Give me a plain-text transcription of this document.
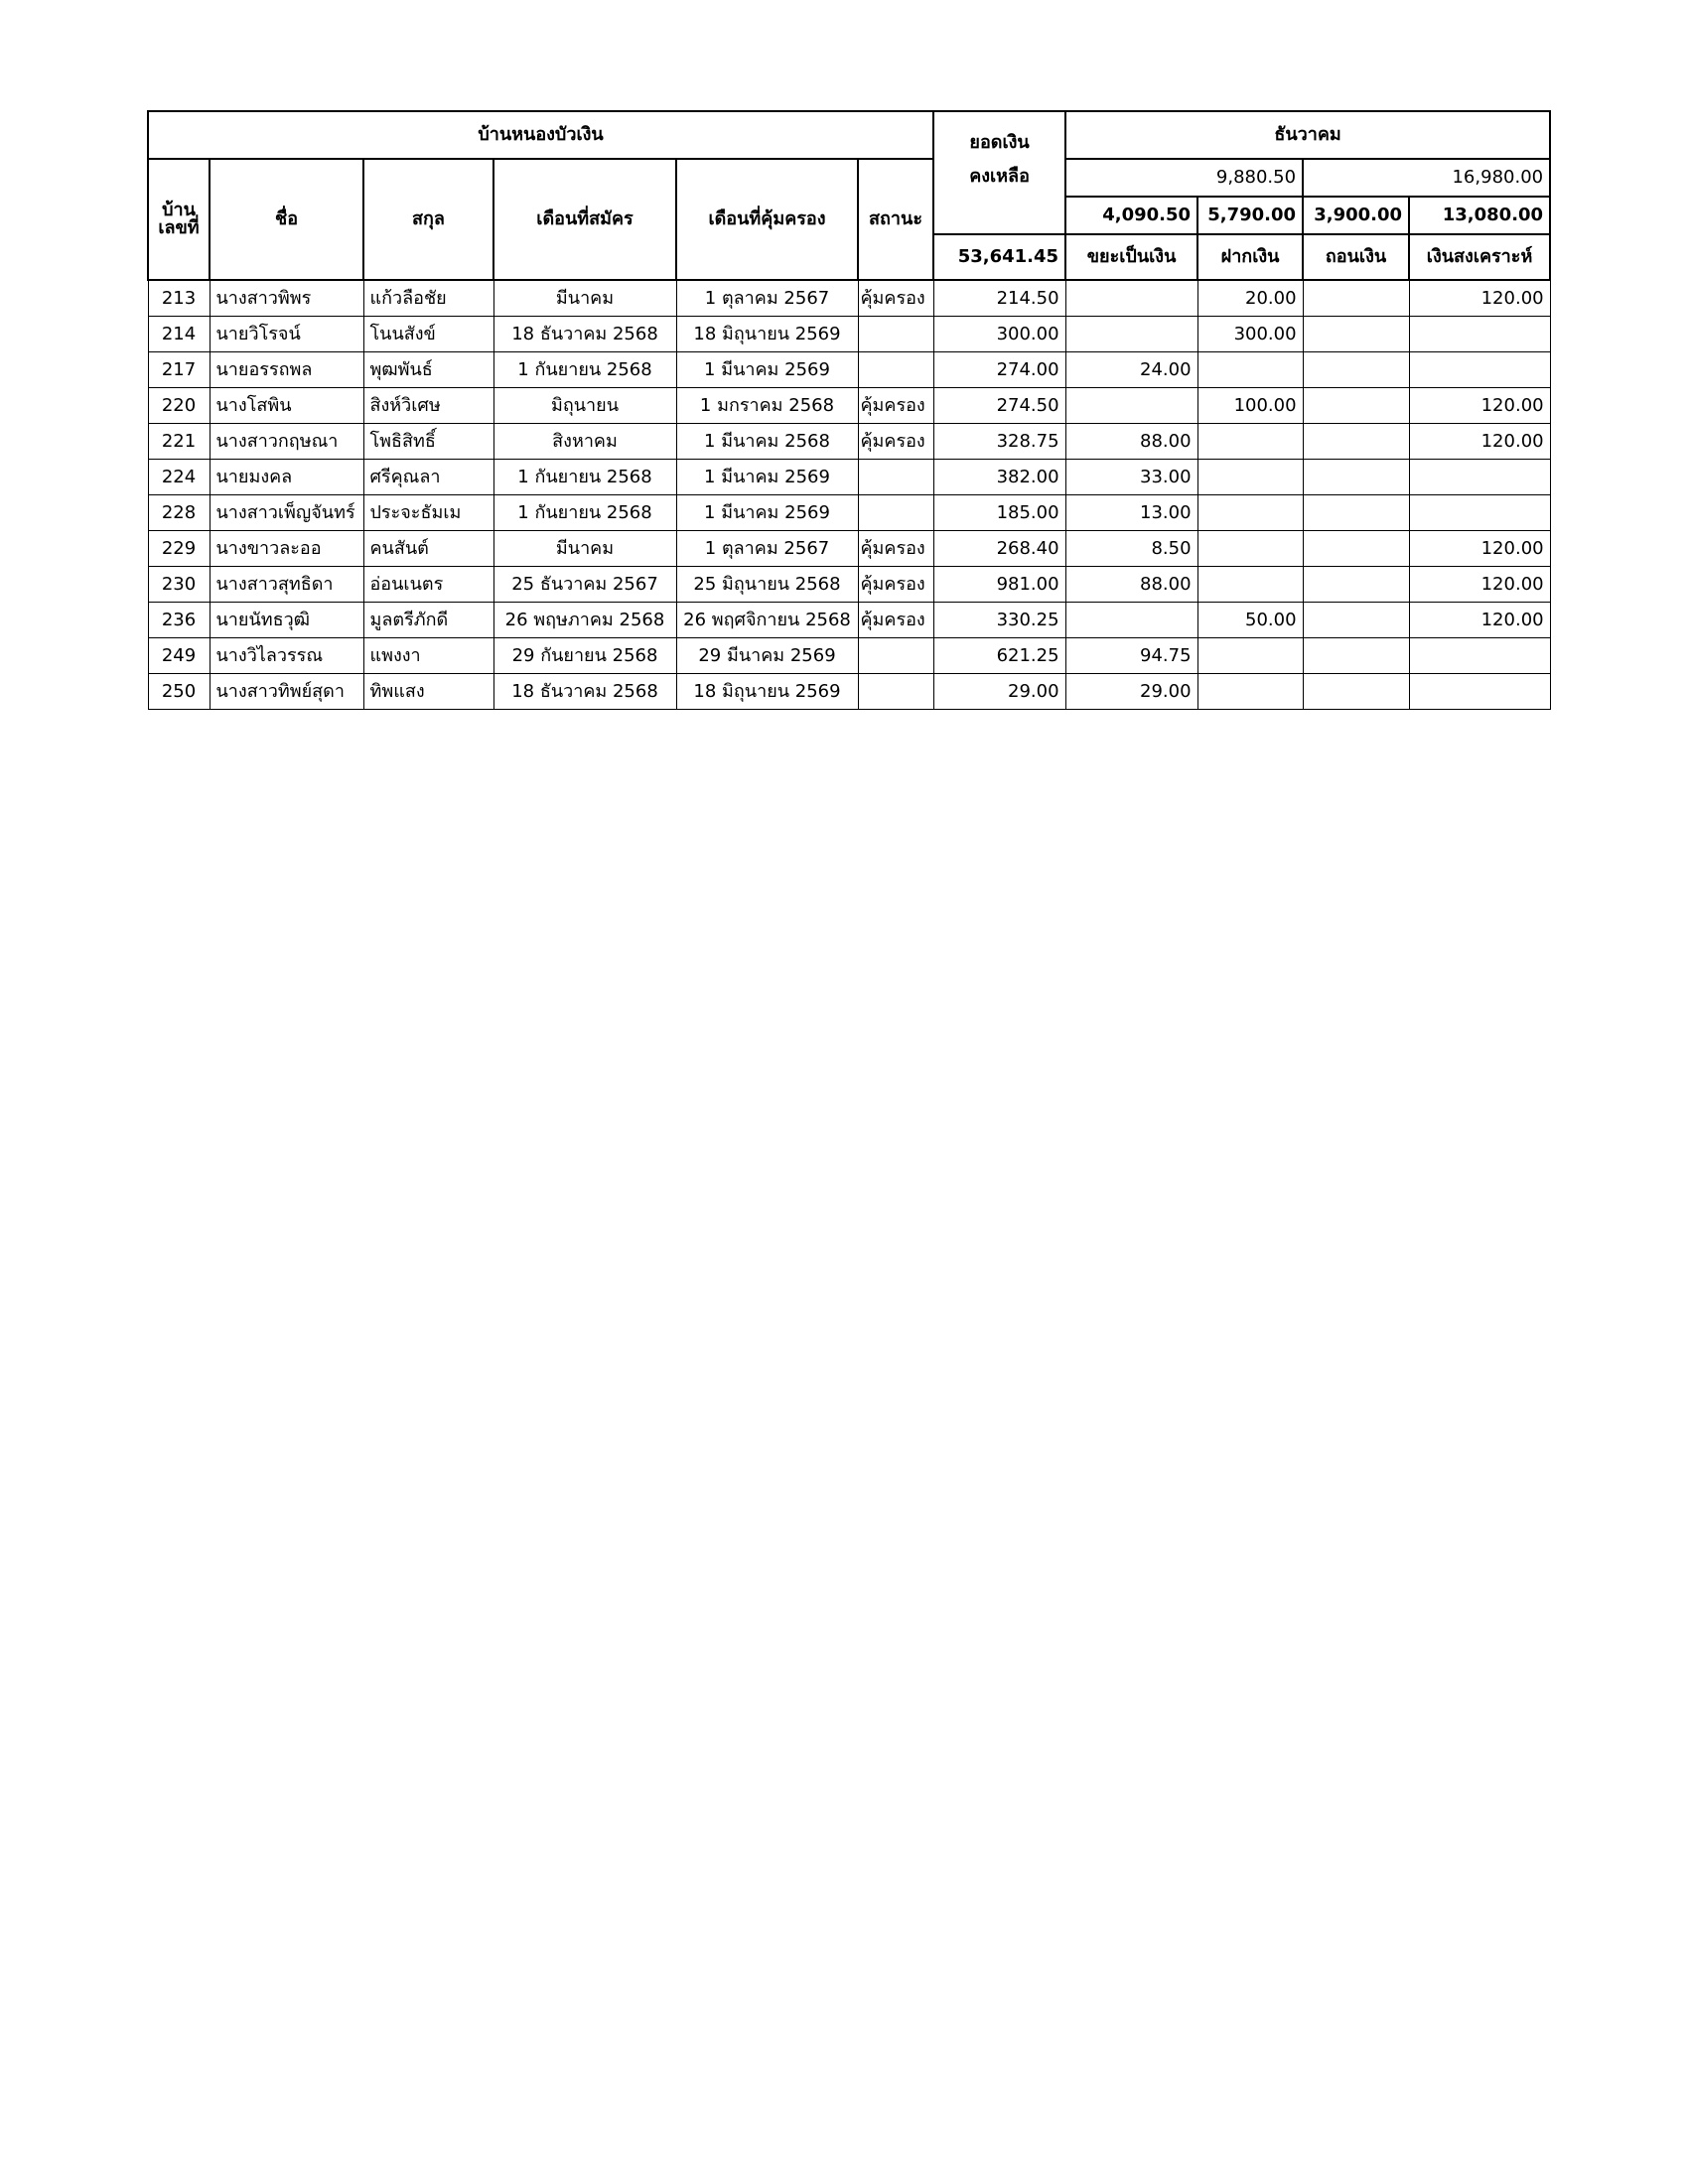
บ้านหนองบัวเงิน						ยอดเงิน
คงเหลือ	ธันวาคม			
บ้าน
เลขที่	ชื่อ	สกุล	เดือนที่สมัคร	เดือนที่คุ้มครอง	สถานะ		9,880.50		16,980.00	
							4,090.50	5,790.00	3,900.00	13,080.00
						53,641.45	ขยะเป็นเงิน	ฝากเงิน	ถอนเงิน	เงินสงเคราะห์
213	นางสาวพิพร	แก้วลือชัย	มีนาคม	1 ตุลาคม 2567	คุ้มครอง	214.50		20.00		120.00
214	นายวิโรจน์	โนนสังข์	18 ธันวาคม 2568	18 มิถุนายน 2569		300.00		300.00		
217	นายอรรถพล	พุฒพันธ์	1 กันยายน 2568	1 มีนาคม 2569		274.00	24.00			
220	นางโสพิน	สิงห์วิเศษ	มิถุนายน	1 มกราคม 2568	คุ้มครอง	274.50		100.00		120.00
221	นางสาวกฤษณา	โพธิสิทธิ์	สิงหาคม	1 มีนาคม 2568	คุ้มครอง	328.75	88.00			120.00
224	นายมงคล	ศรีคุณลา	1 กันยายน 2568	1 มีนาคม 2569		382.00	33.00			
228	นางสาวเพ็ญจันทร์	ประจะธัมเม	1 กันยายน 2568	1 มีนาคม 2569		185.00	13.00			
229	นางขาวละออ	คนสันต์	มีนาคม	1 ตุลาคม 2567	คุ้มครอง	268.40	8.50			120.00
230	นางสาวสุทธิดา	อ่อนเนตร	25 ธันวาคม 2567	25 มิถุนายน 2568	คุ้มครอง	981.00	88.00			120.00
236	นายนัทธวุฒิ	มูลตรีภักดี	26 พฤษภาคม 2568	26 พฤศจิกายน 2568	คุ้มครอง	330.25		50.00		120.00
249	นางวิไลวรรณ	แพงงา	29 กันยายน 2568	29 มีนาคม 2569		621.25	94.75			
250	นางสาวทิพย์สุดา	ทิพแสง	18 ธันวาคม 2568	18 มิถุนายน 2569		29.00	29.00			
